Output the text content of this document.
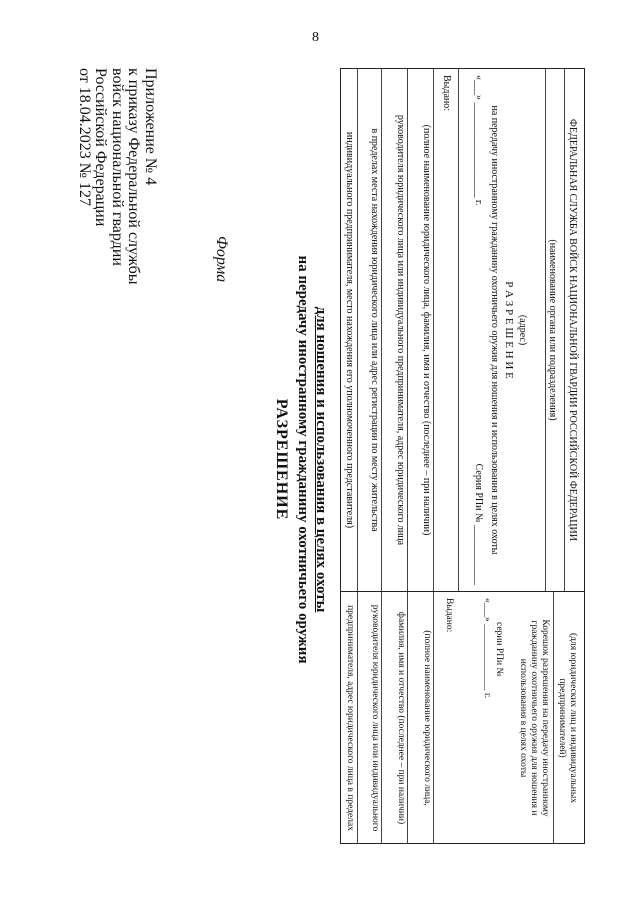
8
Приложение № 4
к приказу Федеральной службы
войск национальной гвардии
Российской Федерации
от 18.04.2023 № 127
Форма
РАЗРЕШЕНИЕ на передачу иностранному гражданину охотничьего оружия для ношения и использования в целях охоты	ФЕДЕРАЛЬНАЯ СЛУЖБА ВОЙСК НАЦИОНАЛЬНОЙ ГВАРДИИ РОССИЙСКОЙ ФЕДЕРАЦИИ
(наименование органа или подразделения)
(адрес)
Р А З Р Е Ш Е Н И Е
на передачу иностранному гражданину охотничьего оружия для ношения и использования в целях охоты
«___» ___________________ г.
Серия РПи № ____________
Выдано:
(полное наименование юридического лица, фамилия, имя и отчество (последнее – при наличии)
руководителя юридического лица или индивидуального предпринимателя, адрес юридического лица
в пределах места нахождения юридического лица или адрес регистрации по месту жительства
индивидуального предпринимателя, место нахождения его уполномоченного представителя)
(для юридических лиц и индивидуальных предпринимателей)
Корешок разрешения на передачу иностранному гражданину охотничьего оружия для ношения и использования в целях охоты
серии РПи №
«___» ______________ г.
Выдано:
(полное наименование юридического лица,
фамилия, имя и отчество (последнее – при наличии)
руководителя юридического лица или индивидуального
предпринимателя, адрес юридического лица в пределах
